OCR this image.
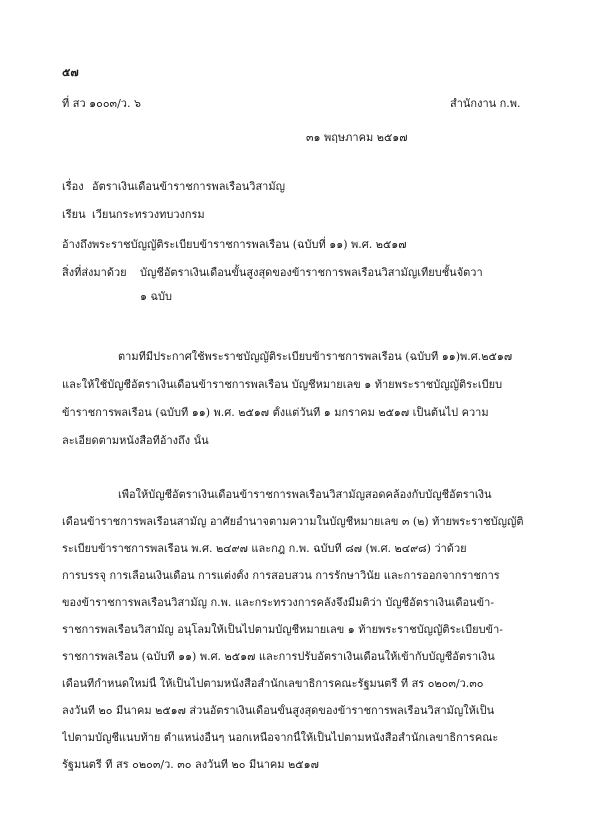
๕๗
ที่ สว ๑๐๐๓/ว. ๖	สำนักงาน ก.พ.
๓๑ พฤษภาคม ๒๕๑๗
เรื่อง อัตราเงินเดือนข้าราชการพลเรือนวิสามัญ
เรียน เวียนกระทรวงทบวงกรม
อ้างถึง พระราชบัญญัติระเบียบข้าราชการพลเรือน (ฉบับที่ ๑๑) พ.ศ. ๒๕๑๗
สิ่งที่ส่งมาด้วย บัญชีอัตราเงินเดือนขั้นสูงสุดของข้าราชการพลเรือนวิสามัญเทียบชั้นจัตวา
๑ ฉบับ
ตามที่มีประกาศใช้พระราชบัญญัติระเบียบข้าราชการพลเรือน (ฉบับที่ ๑๑)พ.ศ.๒๕๑๗
และให้ใช้บัญชีอัตราเงินเดือนข้าราชการพลเรือน บัญชีหมายเลข ๑ ท้ายพระราชบัญญัติระเบียบ
ข้าราชการพลเรือน (ฉบับที่ ๑๑) พ.ศ. ๒๕๑๗ ตั้งแต่วันที่ ๑ มกราคม ๒๕๑๗ เป็นต้นไป ความ
ละเอียดตามหนังสือที่อ้างถึง นั้น
เพื่อให้บัญชีอัตราเงินเดือนข้าราชการพลเรือนวิสามัญสอดคล้องกับบัญชีอัตราเงิน
เดือนข้าราชการพลเรือนสามัญ อาศัยอำนาจตามความในบัญชีหมายเลข ๓ (๒) ท้ายพระราชบัญญัติ
ระเบียบข้าราชการพลเรือน พ.ศ. ๒๔๙๗ และกฎ ก.พ. ฉบับที่ ๘๗ (พ.ศ. ๒๔๙๘) ว่าด้วย
การบรรจุ การเลื่อนเงินเดือน การแต่งตั้ง การสอบสวน การรักษาวินัย และการออกจากราชการ
ของข้าราชการพลเรือนวิสามัญ ก.พ. และกระทรวงการคลังจึงมีมติว่า บัญชีอัตราเงินเดือนข้า-
ราชการพลเรือนวิสามัญ อนุโลมให้เป็นไปตามบัญชีหมายเลข ๑ ท้ายพระราชบัญญัติระเบียบข้า-
ราชการพลเรือน (ฉบับที่ ๑๑) พ.ศ. ๒๕๑๗ และการปรับอัตราเงินเดือนให้เข้ากับบัญชีอัตราเงิน
เดือนที่กำหนดใหม่นี้ ให้เป็นไปตามหนังสือสำนักเลขาธิการคณะรัฐมนตรี ที่ สร ๐๒๐๓/ว.๓๐
ลงวันที่ ๒๐ มีนาคม ๒๕๑๗ ส่วนอัตราเงินเดือนขั้นสูงสุดของข้าราชการพลเรือนวิสามัญให้เป็น
ไปตามบัญชีแนบท้าย ตำแหน่งอื่นๆ นอกเหนือจากนี้ให้เป็นไปตามหนังสือสำนักเลขาธิการคณะ
รัฐมนตรี ที่ สร ๐๒๐๓/ว. ๓๐ ลงวันที่ ๒๐ มีนาคม ๒๕๑๗
